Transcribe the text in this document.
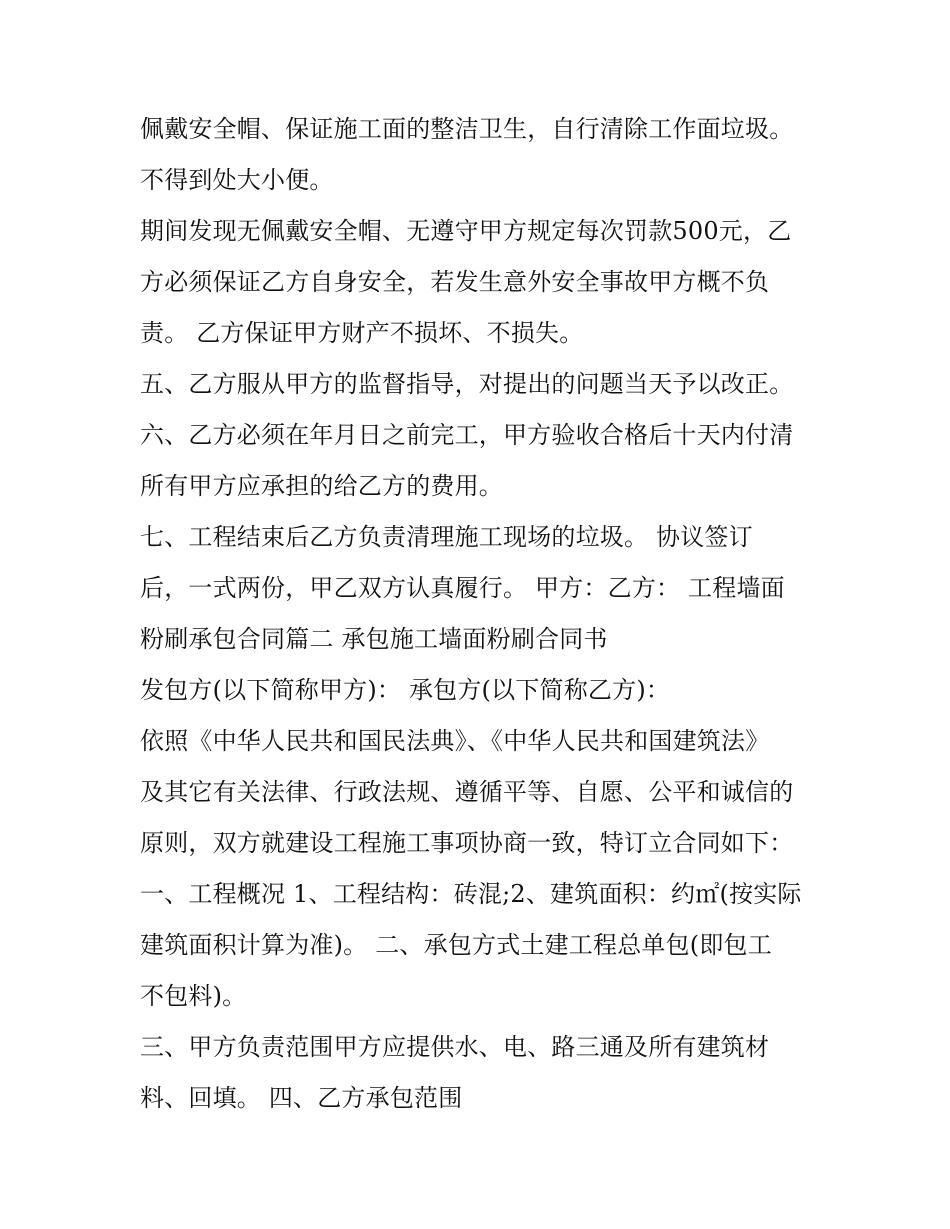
佩戴安全帽、保证施工面的整洁卫生，自行清除工作面垃圾。
不得到处大小便。
期间发现无佩戴安全帽、无遵守甲方规定每次罚款500元，乙
方必须保证乙方自身安全，若发生意外安全事故甲方概不负
责。 乙方保证甲方财产不损坏、不损失。
五、乙方服从甲方的监督指导，对提出的问题当天予以改正。
六、乙方必须在年月日之前完工，甲方验收合格后十天内付清
所有甲方应承担的给乙方的费用。
七、工程结束后乙方负责清理施工现场的垃圾。 协议签订
后，一式两份，甲乙双方认真履行。 甲方：乙方： 工程墙面
粉刷承包合同篇二 承包施工墙面粉刷合同书
发包方(以下简称甲方)： 承包方(以下简称乙方)：
依照《中华人民共和国民法典》、《中华人民共和国建筑法》
及其它有关法律、行政法规、遵循平等、自愿、公平和诚信的
原则，双方就建设工程施工事项协商一致，特订立合同如下：
一、工程概况 1、工程结构：砖混;2、建筑面积：约㎡(按实际
建筑面积计算为准)。 二、承包方式土建工程总单包(即包工
不包料)。
三、甲方负责范围甲方应提供水、电、路三通及所有建筑材
料、回填。 四、乙方承包范围
